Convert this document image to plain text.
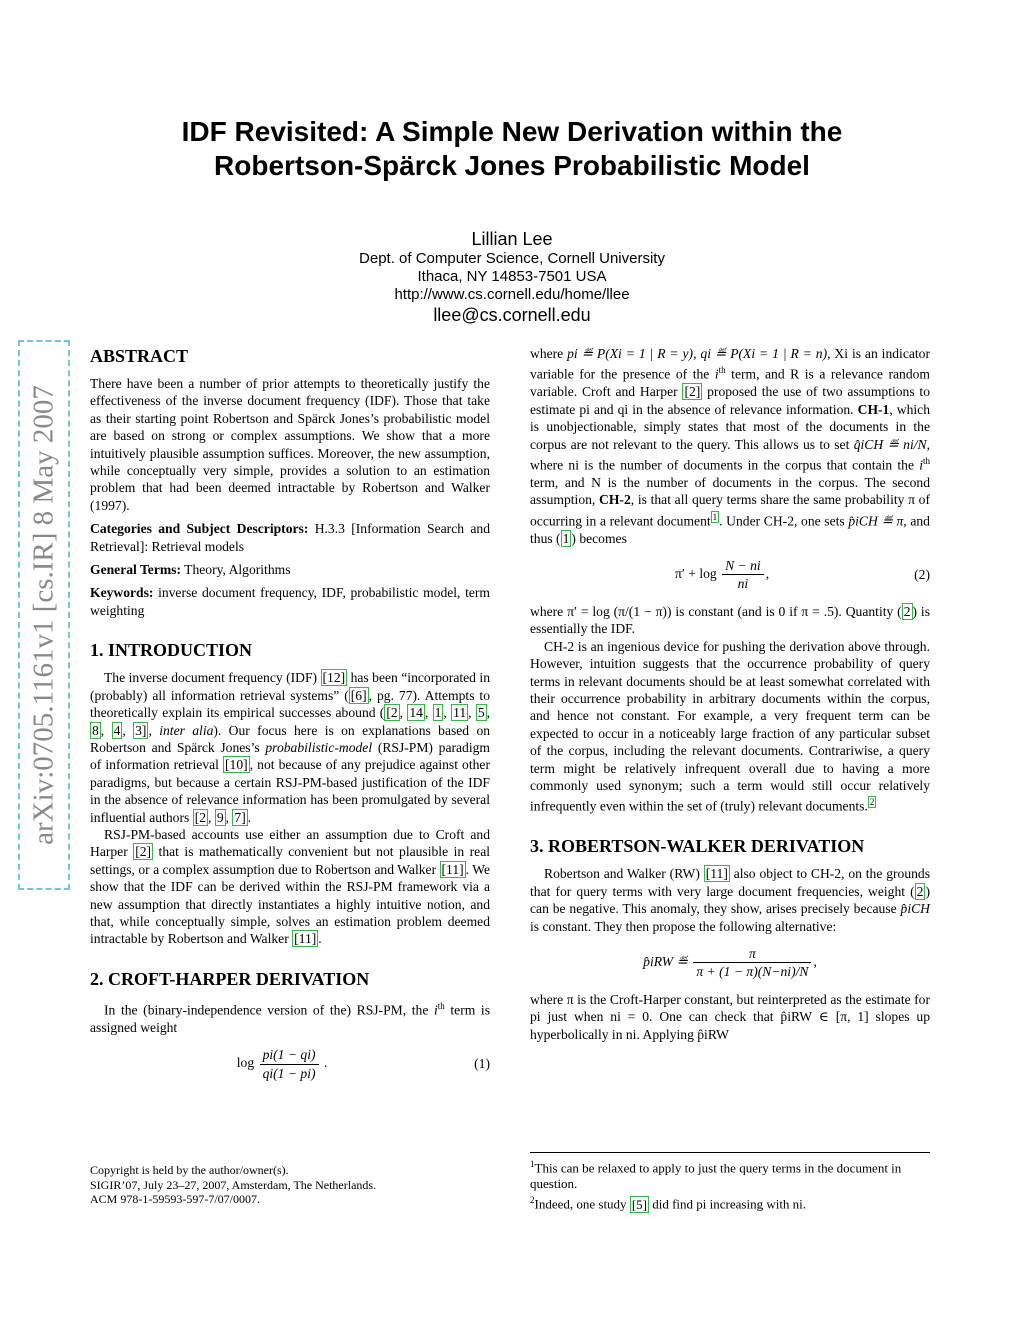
IDF Revisited: A Simple New Derivation within the
Robertson-Spärck Jones Probabilistic Model
Lillian Lee
Dept. of Computer Science, Cornell University
Ithaca, NY 14853-7501 USA
http://www.cs.cornell.edu/home/llee
llee@cs.cornell.edu
arXiv:0705.1161v1 [cs.IR] 8 May 2007
ABSTRACT

There have been a number of prior attempts to theoretically justify the effectiveness of the inverse document frequency (IDF). Those that take as their starting point Robertson and Spärck Jones’s probabilistic model are based on strong or complex assumptions. We show that a more intuitively plausible assumption suffices. Moreover, the new assumption, while conceptually very simple, provides a solution to an estimation problem that had been deemed intractable by Robertson and Walker (1997).

Categories and Subject Descriptors: H.3.3 [Information Search and Retrieval]: Retrieval models

General Terms: Theory, Algorithms

Keywords: inverse document frequency, IDF, probabilistic model, term weighting

1. INTRODUCTION

The inverse document frequency (IDF) [12] has been “incorporated in (probably) all information retrieval systems” ( [6] , pg. 77). Attempts to theoretically explain its empirical successes abound ( [2 , 14 , 1 , 11 , 5 , 8 , 4 , 3] , inter alia). Our focus here is on explanations based on Robertson and Spärck Jones’s probabilistic-model (RSJ-PM) paradigm of information retrieval [10] , not because of any prejudice against other paradigms, but because a certain RSJ-PM-based justification of the IDF in the absence of relevance information has been promulgated by several influential authors [2 , 9 , 7] .

RSJ-PM-based accounts use either an assumption due to Croft and Harper [2] that is mathematically convenient but not plausible in real settings, or a complex assumption due to Robertson and Walker [11] . We show that the IDF can be derived within the RSJ-PM framework via a new assumption that directly instantiates a highly intuitive notion, and that, while conceptually simple, solves an estimation problem deemed intractable by Robertson and Walker [11] .

2. CROFT-HARPER DERIVATION

In the (binary-independence version of the) RSJ-PM, the $i^{th}$ term is assigned weight

$\log \frac{pi(1 - qi)}{qi(1 - pi)}$ .	(1)
Copyright is held by the author/owner(s).
SIGIR’07, July 23–27, 2007, Amsterdam, The Netherlands.
ACM 978-1-59593-597-7/07/0007.

where pi ≝ P(Xi = 1 | R = y), qi ≝ P(Xi = 1 | R = n), Xi is an indicator variable for the presence of the $i^{th}$ term, and R is a relevance random variable. Croft and Harper [2] proposed the use of two assumptions to estimate pi and qi in the absence of relevance information. CH-1, which is unobjectionable, simply states that most of the documents in the corpus are not relevant to the query. This allows us to set q̂iCH ≝ ni/N, where ni is the number of documents in the corpus that contain the $i^{th}$ term, and N is the number of documents in the corpus. The second assumption, CH-2, is that all query terms share the same probability π of occurring in a relevant document $^1$ . Under CH-2, one sets p̂iCH ≝ π, and thus ( 1 ) becomes

$\pi' + \log \frac{N - ni}{ni}$ ,	(2)

where π′ = log (π/(1 − π)) is constant (and is 0 if π = .5). Quantity ( 2 ) is essentially the IDF.

CH-2 is an ingenious device for pushing the derivation above through. However, intuition suggests that the occurrence probability of query terms in relevant documents should be at least somewhat correlated with their occurrence probability in arbitrary documents within the corpus, and hence not constant. For example, a very frequent term can be expected to occur in a noticeably large fraction of any particular subset of the corpus, including the relevant documents. Contrariwise, a query term might be relatively infrequent overall due to having a more commonly used synonym; such a term would still occur relatively infrequently even within the set of (truly) relevant documents. $^2$

3. ROBERTSON-WALKER DERIVATION

Robertson and Walker (RW) [11] also object to CH-2, on the grounds that for query terms with very large document frequencies, weight ( 2 ) can be negative. This anomaly, they show, arises precisely because p̂iCH is constant. They then propose the following alternative:

p̂iRW ≝ $\frac{\pi}{\pi + (1 - \pi)(N-ni)/N}$ ,

where π is the Croft-Harper constant, but reinterpreted as the estimate for pi just when ni = 0. One can check that p̂iRW ∈ [π, 1] slopes up hyperbolically in ni. Applying p̂iRW

$^1$This can be relaxed to apply to just the query terms in the document in question.

$^2$Indeed, one study [5] did find pi increasing with ni.
